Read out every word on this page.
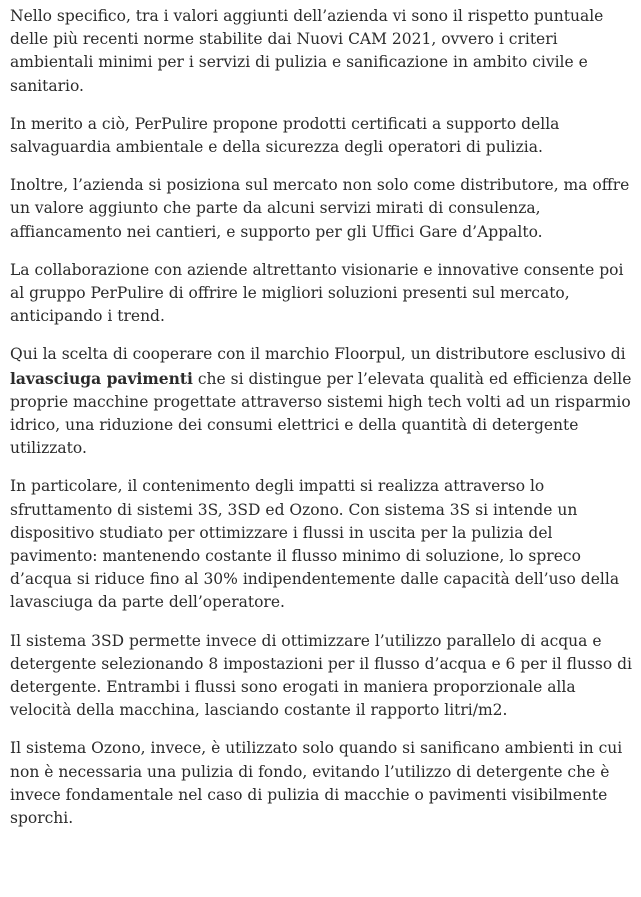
Nello specifico, tra i valori aggiunti dell’azienda vi sono il rispetto puntuale delle più recenti norme stabilite dai Nuovi CAM 2021, ovvero i criteri ambientali minimi per i servizi di pulizia e sanificazione in ambito civile e sanitario.

In merito a ciò, PerPulire propone prodotti certificati a supporto della salvaguardia ambientale e della sicurezza degli operatori di pulizia.

Inoltre, l’azienda si posiziona sul mercato non solo come distributore, ma offre un valore aggiunto che parte da alcuni servizi mirati di consulenza, affiancamento nei cantieri, e supporto per gli Uffici Gare d’Appalto.

La collaborazione con aziende altrettanto visionarie e innovative consente poi al gruppo PerPulire di offrire le migliori soluzioni presenti sul mercato, anticipando i trend.

Qui la scelta di cooperare con il marchio Floorpul, un distributore esclusivo di lavasciuga pavimenti che si distingue per l’elevata qualità ed efficienza delle proprie macchine progettate attraverso sistemi high tech volti ad un risparmio idrico, una riduzione dei consumi elettrici e della quantità di detergente utilizzato.

In particolare, il contenimento degli impatti si realizza attraverso lo sfruttamento di sistemi 3S, 3SD ed Ozono. Con sistema 3S si intende un dispositivo studiato per ottimizzare i flussi in uscita per la pulizia del pavimento: mantenendo costante il flusso minimo di soluzione, lo spreco d’acqua si riduce fino al 30% indipendentemente dalle capacità dell’uso della lavasciuga da parte dell’operatore.

Il sistema 3SD permette invece di ottimizzare l’utilizzo parallelo di acqua e detergente selezionando 8 impostazioni per il flusso d’acqua e 6 per il flusso di detergente. Entrambi i flussi sono erogati in maniera proporzionale alla velocità della macchina, lasciando costante il rapporto litri/m2.

Il sistema Ozono, invece, è utilizzato solo quando si sanificano ambienti in cui non è necessaria una pulizia di fondo, evitando l’utilizzo di detergente che è invece fondamentale nel caso di pulizia di macchie o pavimenti visibilmente sporchi.
